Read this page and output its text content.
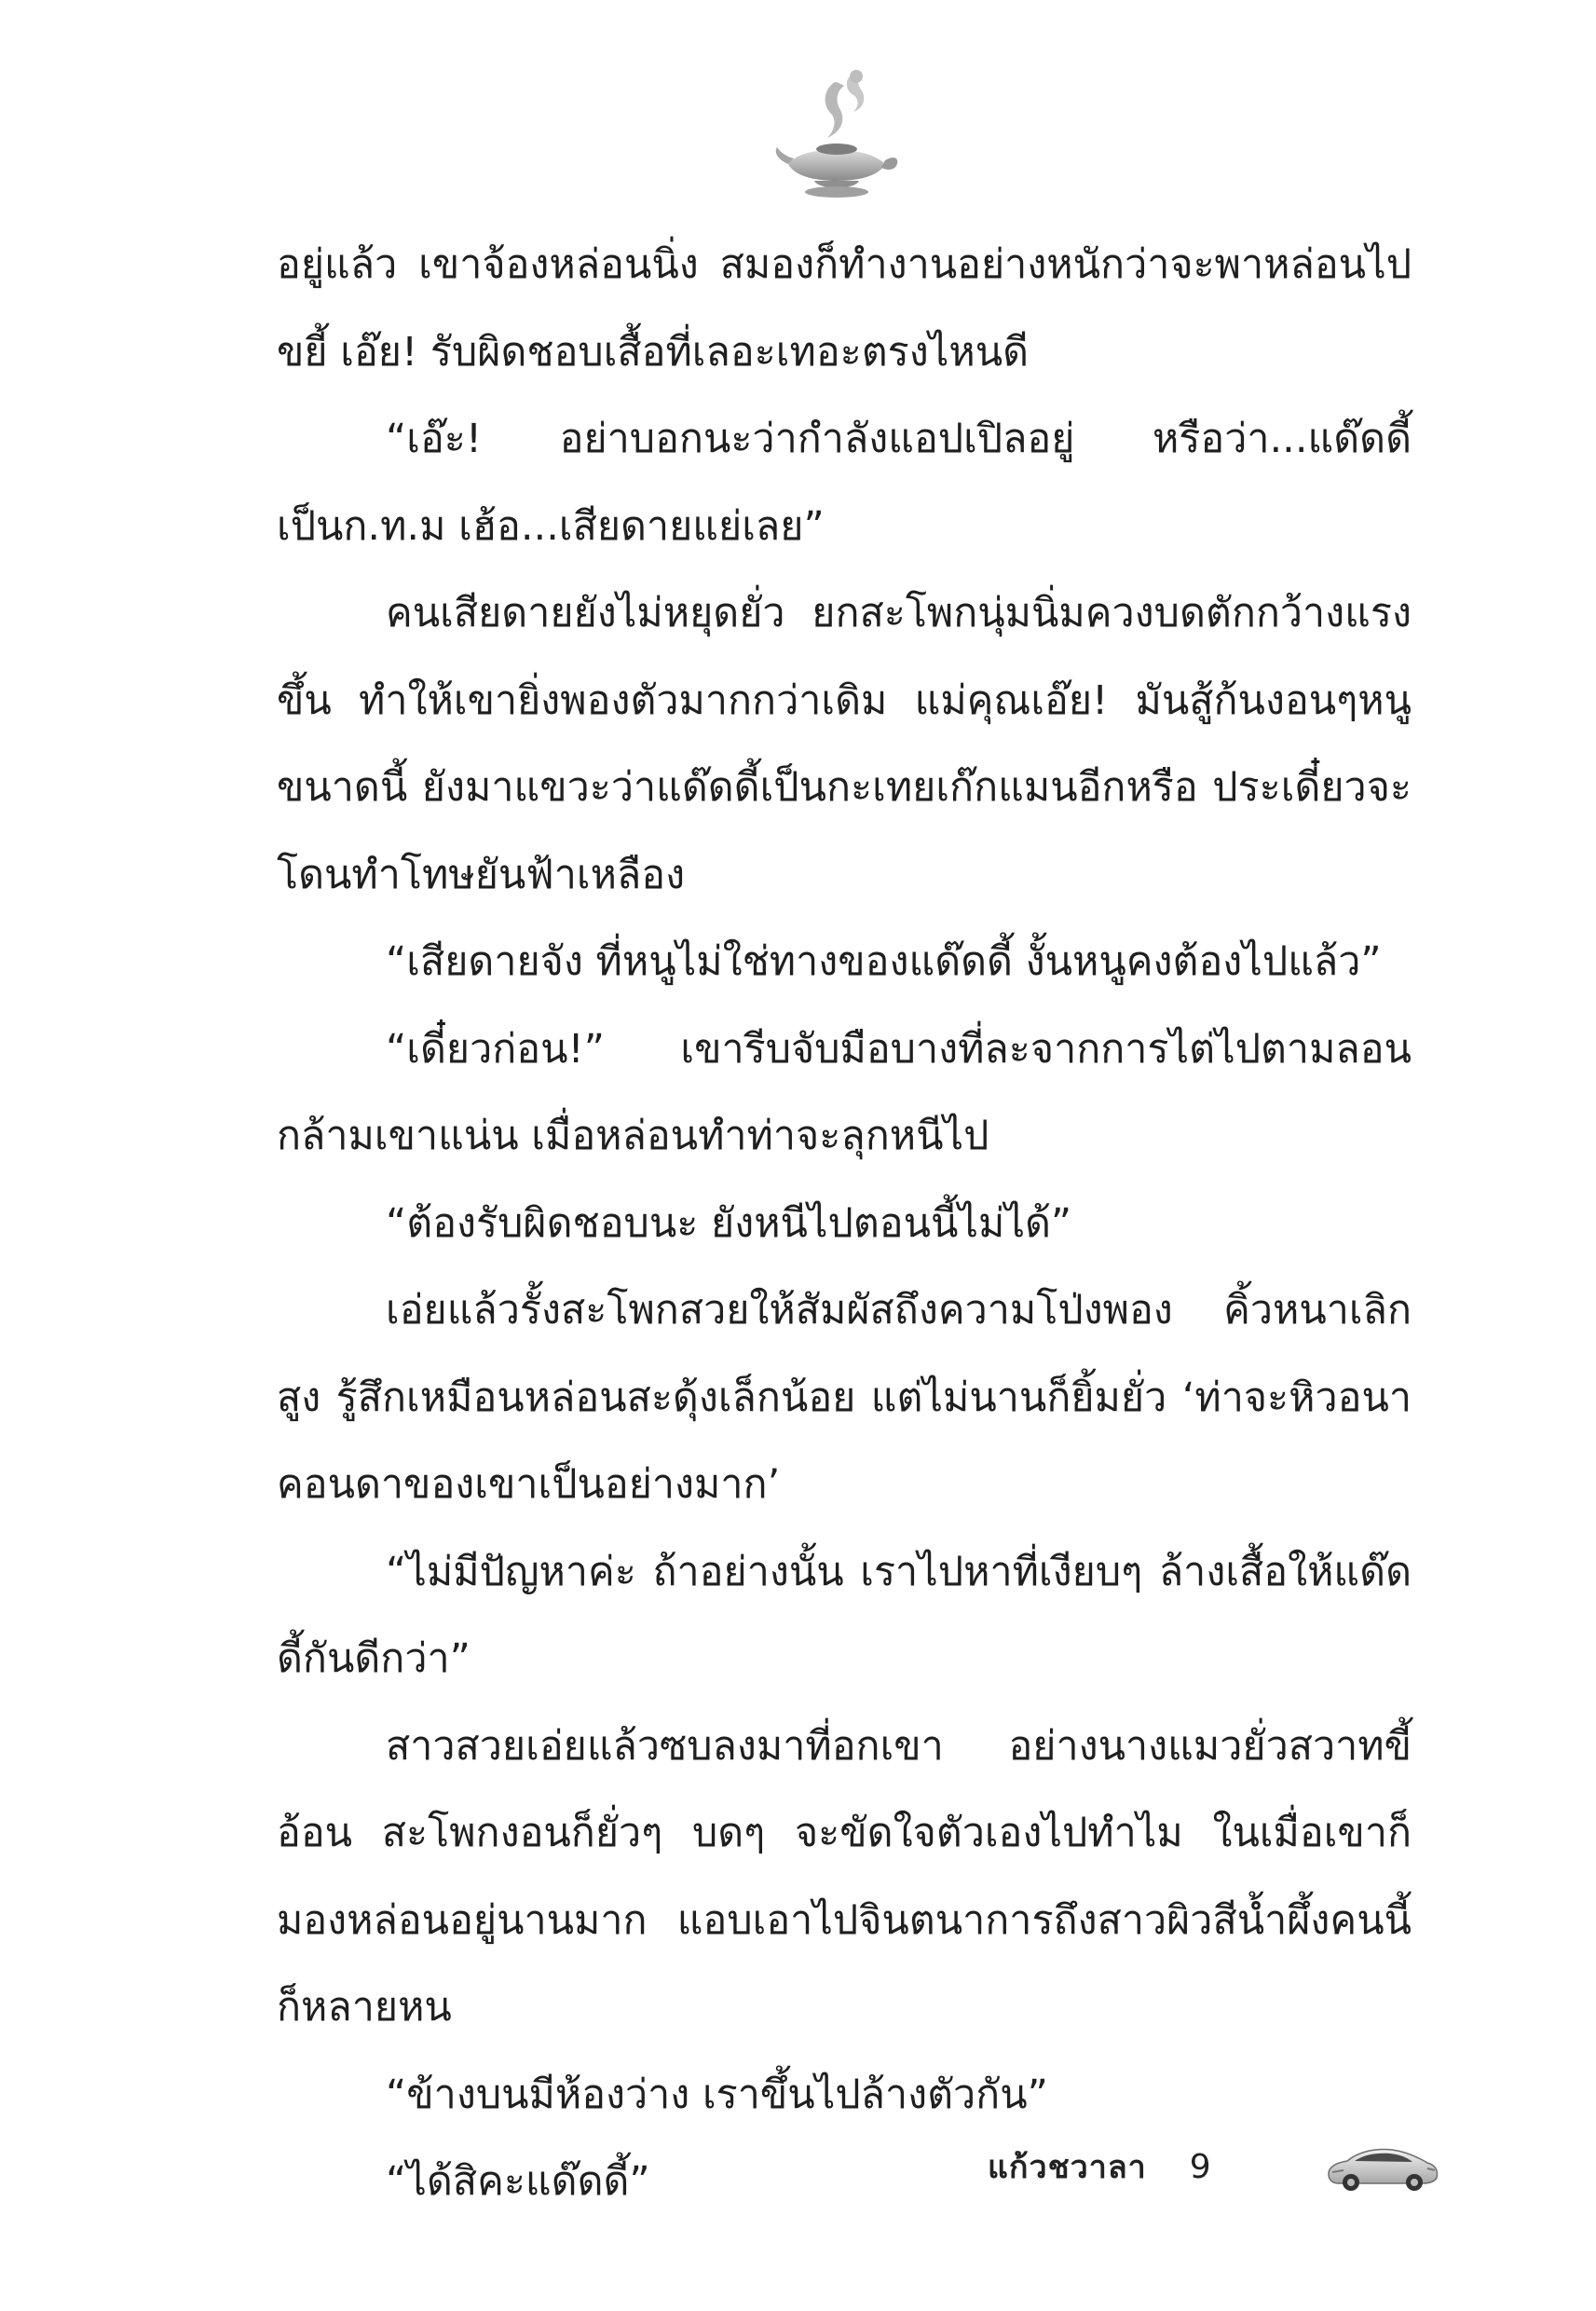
อยู่แล้ว เขาจ้องหล่อนนิ่ง สมองก็ทำงานอย่างหนักว่าจะพาหล่อนไปขยี้ เอ๊ย! รับผิดชอบเสื้อที่เลอะเทอะตรงไหนดี

“เอ๊ะ! อย่าบอกนะว่ากำลังแอปเปิลอยู่ หรือว่า...แด๊ดดี้เป็นก.ท.ม เฮ้อ...เสียดายแย่เลย”

คนเสียดายยังไม่หยุดยั่ว ยกสะโพกนุ่มนิ่มควงบดตักกว้างแรงขึ้น ทำให้เขายิ่งพองตัวมากกว่าเดิม แม่คุณเอ๊ย! มันสู้ก้นงอนๆหนูขนาดนี้ ยังมาแขวะว่าแด๊ดดี้เป็นกะเทยเก๊กแมนอีกหรือ ประเดี๋ยวจะโดนทำโทษยันฟ้าเหลือง

“เสียดายจัง ที่หนูไม่ใช่ทางของแด๊ดดี้ งั้นหนูคงต้องไปแล้ว”

“เดี๋ยวก่อน!” เขารีบจับมือบางที่ละจากการไต่ไปตามลอนกล้ามเขาแน่น เมื่อหล่อนทำท่าจะลุกหนีไป

“ต้องรับผิดชอบนะ ยังหนีไปตอนนี้ไม่ได้”

เอ่ยแล้วรั้งสะโพกสวยให้สัมผัสถึงความโป่งพอง คิ้วหนาเลิกสูง รู้สึกเหมือนหล่อนสะดุ้งเล็กน้อย แต่ไม่นานก็ยิ้มยั่ว ‘ท่าจะหิวอนาคอนดาของเขาเป็นอย่างมาก’

“ไม่มีปัญหาค่ะ ถ้าอย่างนั้น เราไปหาที่เงียบๆ ล้างเสื้อให้แด๊ดดี้กันดีกว่า”

สาวสวยเอ่ยแล้วซบลงมาที่อกเขา อย่างนางแมวยั่วสวาทขี้อ้อน สะโพกงอนก็ยั่วๆ บดๆ จะขัดใจตัวเองไปทำไม ในเมื่อเขาก็มองหล่อนอยู่นานมาก แอบเอาไปจินตนาการถึงสาวผิวสีน้ำผึ้งคนนี้ก็หลายหน

“ข้างบนมีห้องว่าง เราขึ้นไปล้างตัวกัน”

“ได้สิคะแด๊ดดี้”	แก้วชวาลา 9
